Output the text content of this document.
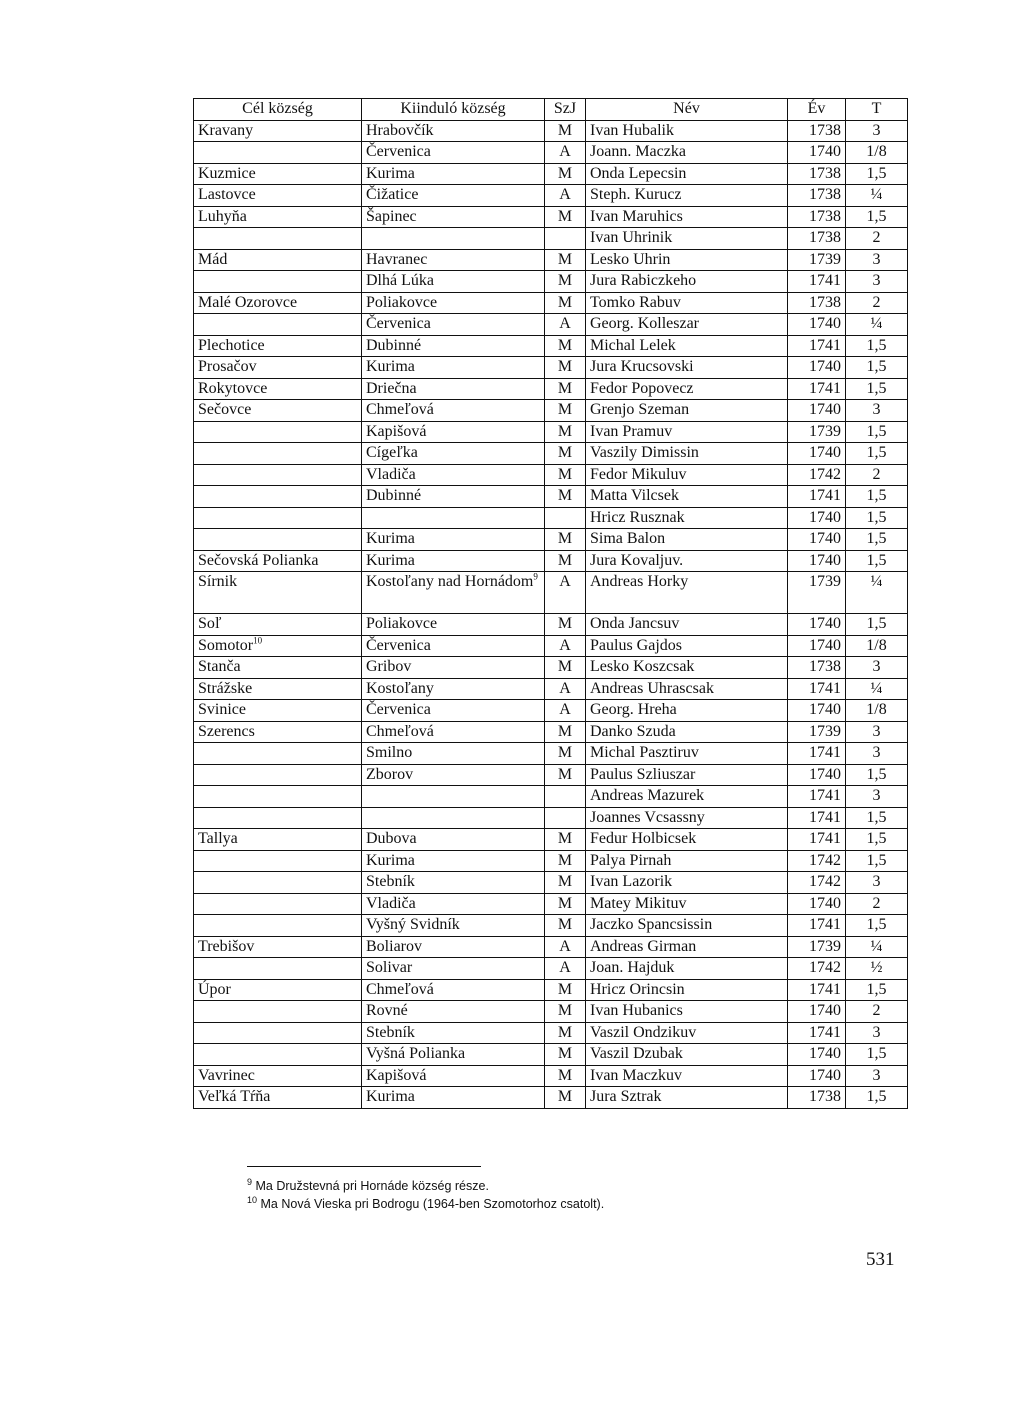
Cél község	Kiinduló község	SzJ	Név	Év	T
Kravany	Hrabovčík	M	Ivan Hubalik	1738	3
	Červenica	A	Joann. Maczka	1740	1/8
Kuzmice	Kurima	M	Onda Lepecsin	1738	1,5
Lastovce	Čižatice	A	Steph. Kurucz	1738	¼
Luhyňa	Šapinec	M	Ivan Maruhics	1738	1,5
			Ivan Uhrinik	1738	2
Mád	Havranec	M	Lesko Uhrin	1739	3
	Dlhá Lúka	M	Jura Rabiczkeho	1741	3
Malé Ozorovce	Poliakovce	M	Tomko Rabuv	1738	2
	Červenica	A	Georg. Kolleszar	1740	¼
Plechotice	Dubinné	M	Michal Lelek	1741	1,5
Prosačov	Kurima	M	Jura Krucsovski	1740	1,5
Rokytovce	Driečna	M	Fedor Popovecz	1741	1,5
Sečovce	Chmeľová	M	Grenjo Szeman	1740	3
	Kapišová	M	Ivan Pramuv	1739	1,5
	Cígeľka	M	Vaszily Dimissin	1740	1,5
	Vladiča	M	Fedor Mikuluv	1742	2
	Dubinné	M	Matta Vilcsek	1741	1,5
			Hricz Rusznak	1740	1,5
	Kurima	M	Sima Balon	1740	1,5
Sečovská Polianka	Kurima	M	Jura Kovaljuv.	1740	1,5
Sírnik	Kostoľany nad Hornádom$^9$	A	Andreas Horky	1739	¼
Soľ	Poliakovce	M	Onda Jancsuv	1740	1,5
Somotor$^{10}$	Červenica	A	Paulus Gajdos	1740	1/8
Stanča	Gribov	M	Lesko Koszcsak	1738	3
Strážske	Kostoľany	A	Andreas Uhrascsak	1741	¼
Svinice	Červenica	A	Georg. Hreha	1740	1/8
Szerencs	Chmeľová	M	Danko Szuda	1739	3
	Smilno	M	Michal Pasztiruv	1741	3
	Zborov	M	Paulus Szliuszar	1740	1,5
			Andreas Mazurek	1741	3
			Joannes Vcsassny	1741	1,5
Tallya	Dubova	M	Fedur Holbicsek	1741	1,5
	Kurima	M	Palya Pirnah	1742	1,5
	Stebník	M	Ivan Lazorik	1742	3
	Vladiča	M	Matey Mikituv	1740	2
	Vyšný Svidník	M	Jaczko Spancsissin	1741	1,5
Trebišov	Boliarov	A	Andreas Girman	1739	¼
	Solivar	A	Joan. Hajduk	1742	½
Úpor	Chmeľová	M	Hricz Orincsin	1741	1,5
	Rovné	M	Ivan Hubanics	1740	2
	Stebník	M	Vaszil Ondzikuv	1741	3
	Vyšná Polianka	M	Vaszil Dzubak	1740	1,5
Vavrinec	Kapišová	M	Ivan Maczkuv	1740	3
Veľká Tŕňa	Kurima	M	Jura Sztrak	1738	1,5

$^9$ Ma Družstevná pri Hornáde község része.

$^{10}$ Ma Nová Vieska pri Bodrogu (1964-ben Szomotorhoz csatolt).

531
